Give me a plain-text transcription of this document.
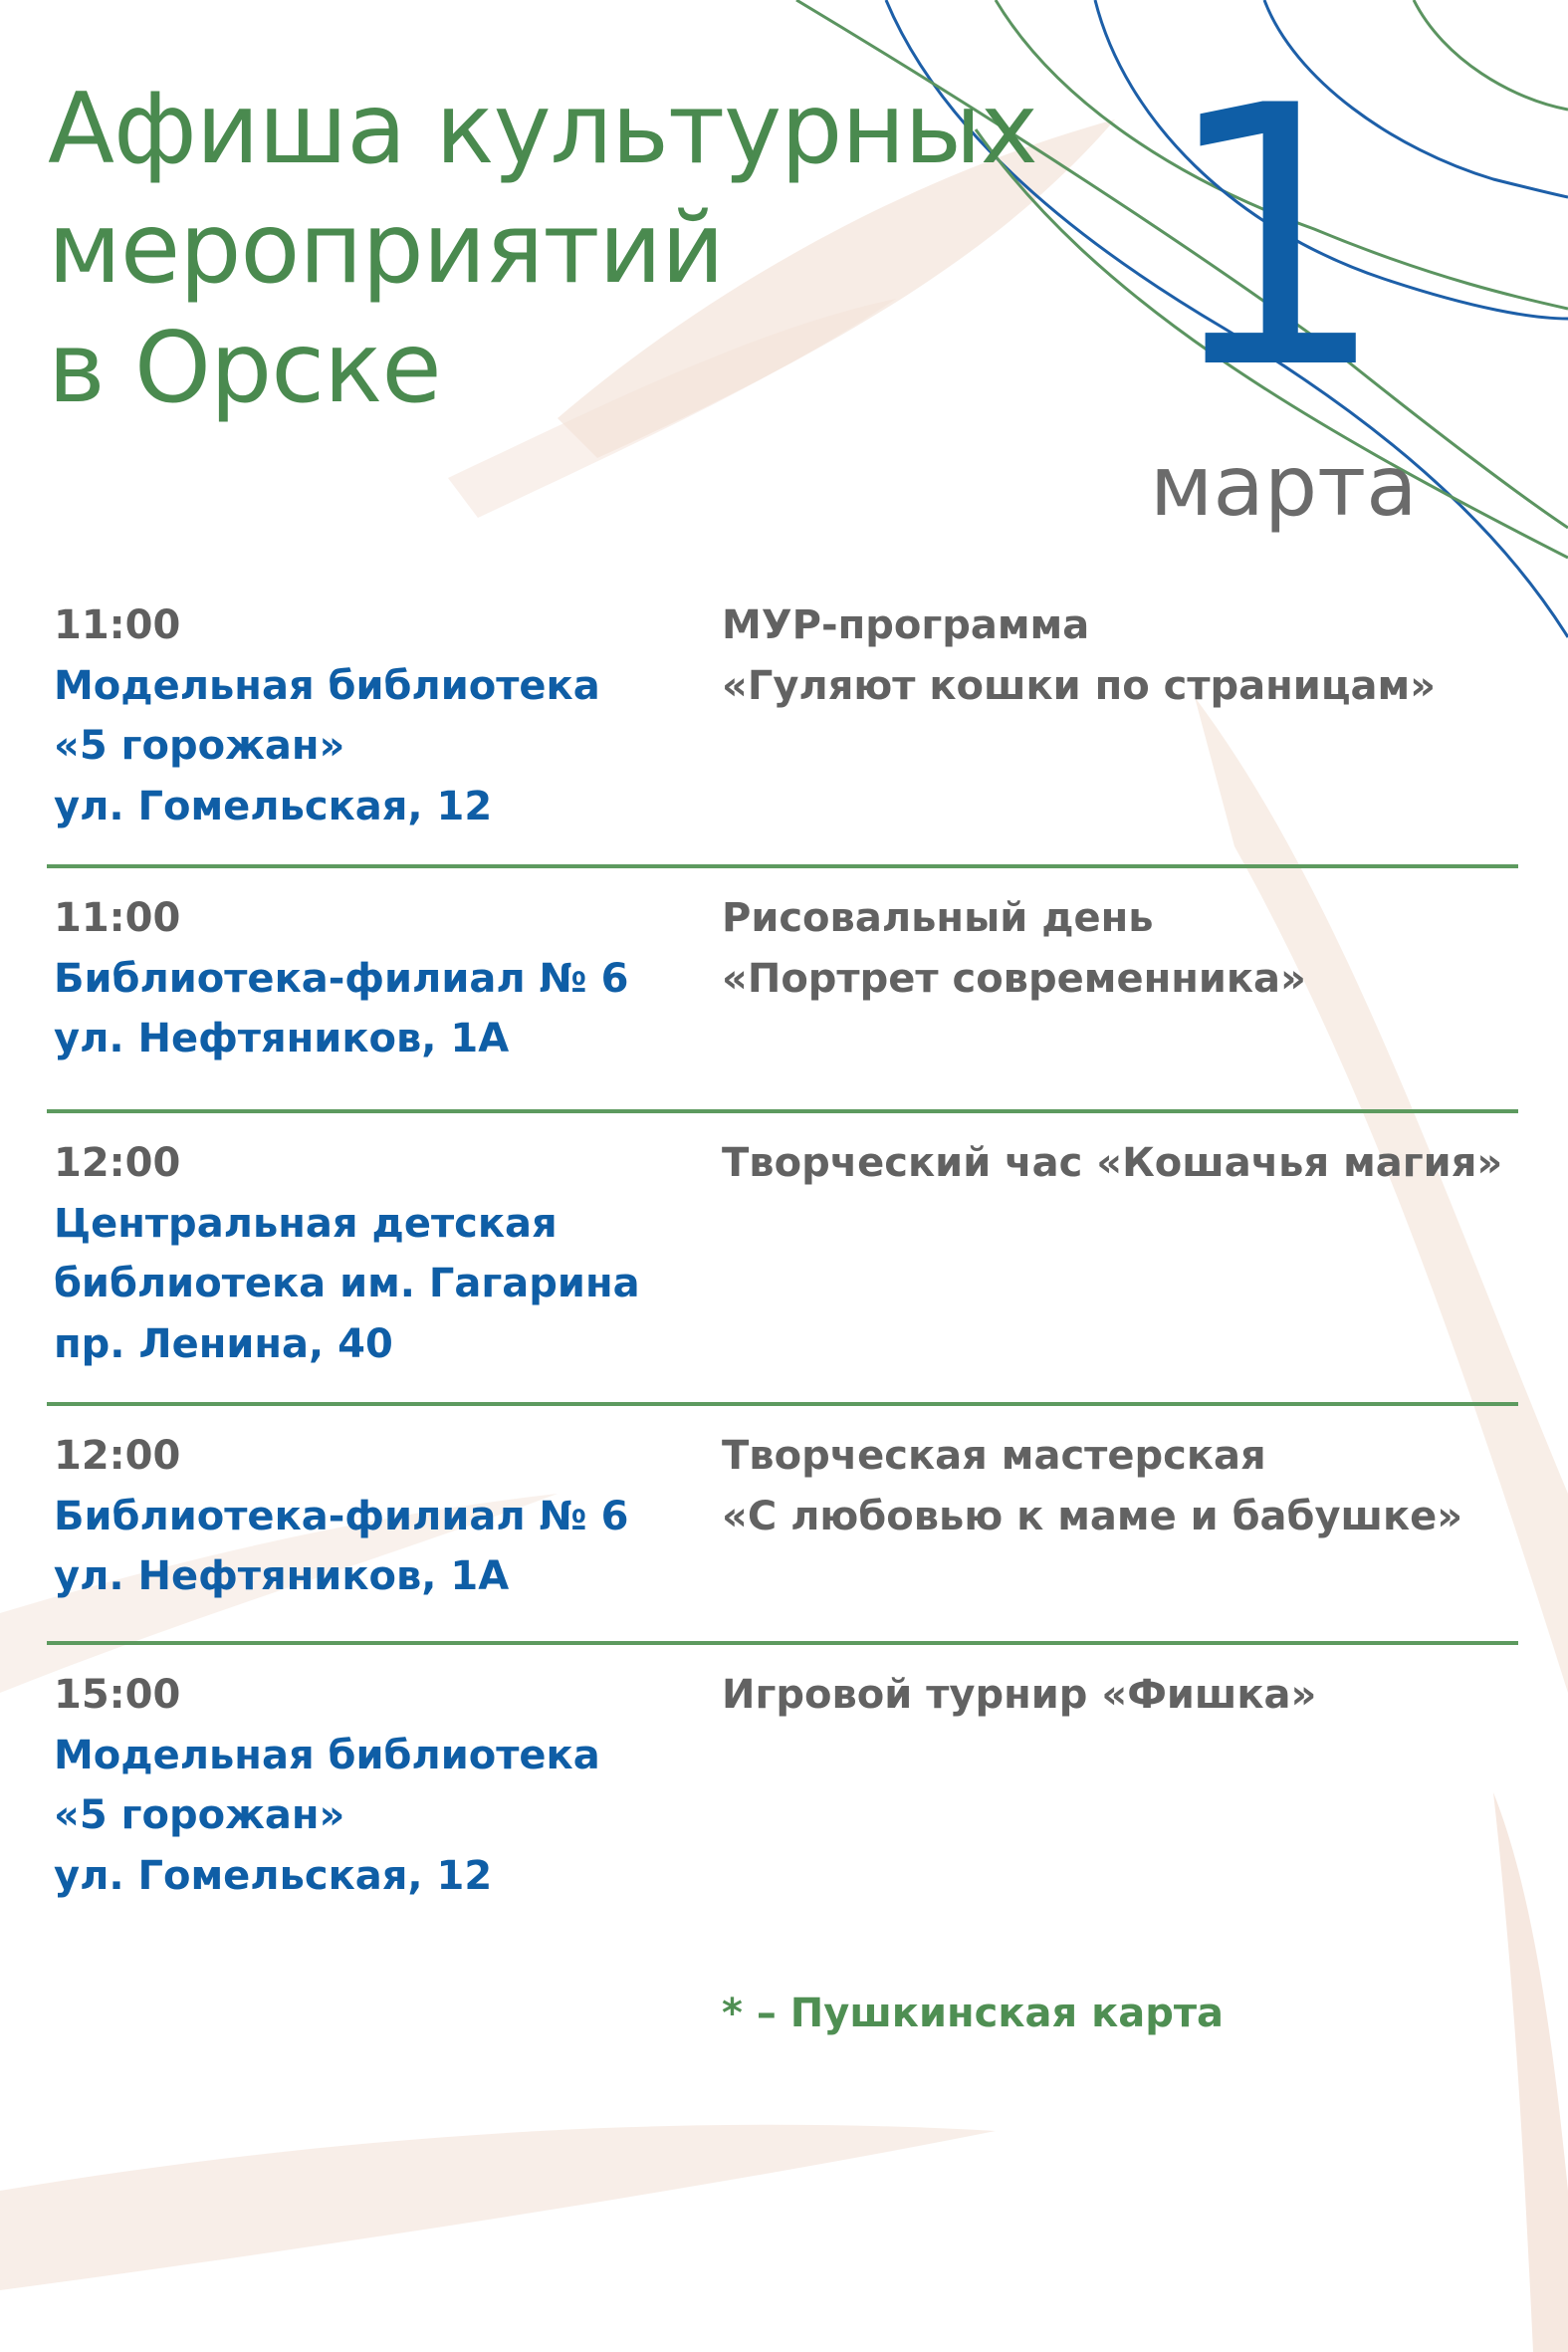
Афиша культурных
мероприятий
в Орске	1
марта
11:00
Модельная библиотека
«5 горожан»
ул. Гомельская, 12
МУР-программа
«Гуляют кошки по страницам»
11:00
Библиотека-филиал № 6
ул. Нефтяников, 1А
Рисовальный день
«Портрет современника»
12:00
Центральная детская
библиотека им. Гагарина
пр. Ленина, 40
Творческий час «Кошачья магия»
12:00
Библиотека-филиал № 6
ул. Нефтяников, 1А
Творческая мастерская
«С любовью к маме и бабушке»
15:00
Модельная библиотека
«5 горожан»
ул. Гомельская, 12
Игровой турнир «Фишка»
* – Пушкинская карта
